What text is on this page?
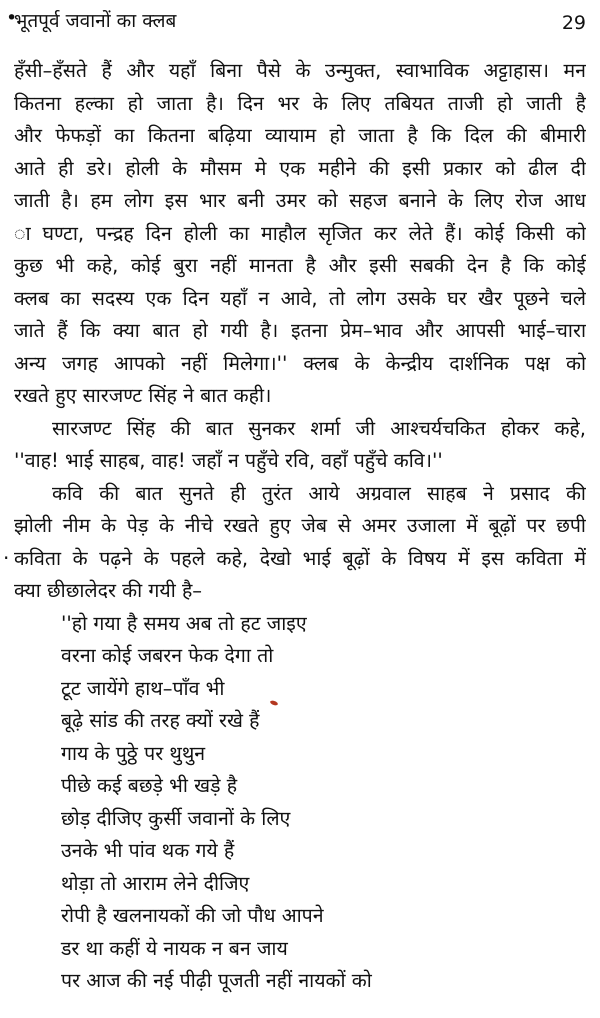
•
भूतपूर्व जवानों का क्लब	29
.
हँसी–हँसते हैं और यहाँ बिना पैसे के उन्मुक्त, स्वाभाविक अट्टाहास। मन
कितना हल्का हो जाता है। दिन भर के लिए तबियत ताजी हो जाती है
और फेफड़ों का कितना बढ़िया व्यायाम हो जाता है कि दिल की बीमारी
आते ही डरे। होली के मौसम मे एक महीने की इसी प्रकार को ढील दी
जाती है। हम लोग इस भार बनी उमर को सहज बनाने के लिए रोज आध
ा घण्टा, पन्द्रह दिन होली का माहौल सृजित कर लेते हैं। कोई किसी को
कुछ भी कहे, कोई बुरा नहीं मानता है और इसी सबकी देन है कि कोई
क्लब का सदस्य एक दिन यहाँ न आवे, तो लोग उसके घर खैर पूछने चले
जाते हैं कि क्या बात हो गयी है। इतना प्रेम–भाव और आपसी भाई–चारा
अन्य जगह आपको नहीं मिलेगा।'' क्लब के केन्द्रीय दार्शनिक पक्ष को
रखते हुए सारजण्ट सिंह ने बात कही।
सारजण्ट सिंह की बात सुनकर शर्मा जी आश्चर्यचकित होकर कहे,
''वाह! भाई साहब, वाह! जहाँ न पहुँचे रवि, वहाँ पहुँचे कवि।''
कवि की बात सुनते ही तुरंत आये अग्रवाल साहब ने प्रसाद की
झोली नीम के पेड़ के नीचे रखते हुए जेब से अमर उजाला में बूढ़ों पर छपी
कविता के पढ़ने के पहले कहे, देखो भाई बूढ़ों के विषय में इस कविता में
क्या छीछालेदर की गयी है–
''हो गया है समय अब तो हट जाइए
वरना कोई जबरन फेक देगा तो
टूट जायेंगे हाथ–पाँव भी
बूढ़े सांड की तरह क्यों रखे हैं
गाय के पुठ्ठे पर थुथुन
पीछे कई बछड़े भी खड़े है
छोड़ दीजिए कुर्सी जवानों के लिए
उनके भी पांव थक गये हैं
थोड़ा तो आराम लेने दीजिए
रोपी है खलनायकों की जो पौध आपने
डर था कहीं ये नायक न बन जाय
पर आज की नई पीढ़ी पूजती नहीं नायकों को
